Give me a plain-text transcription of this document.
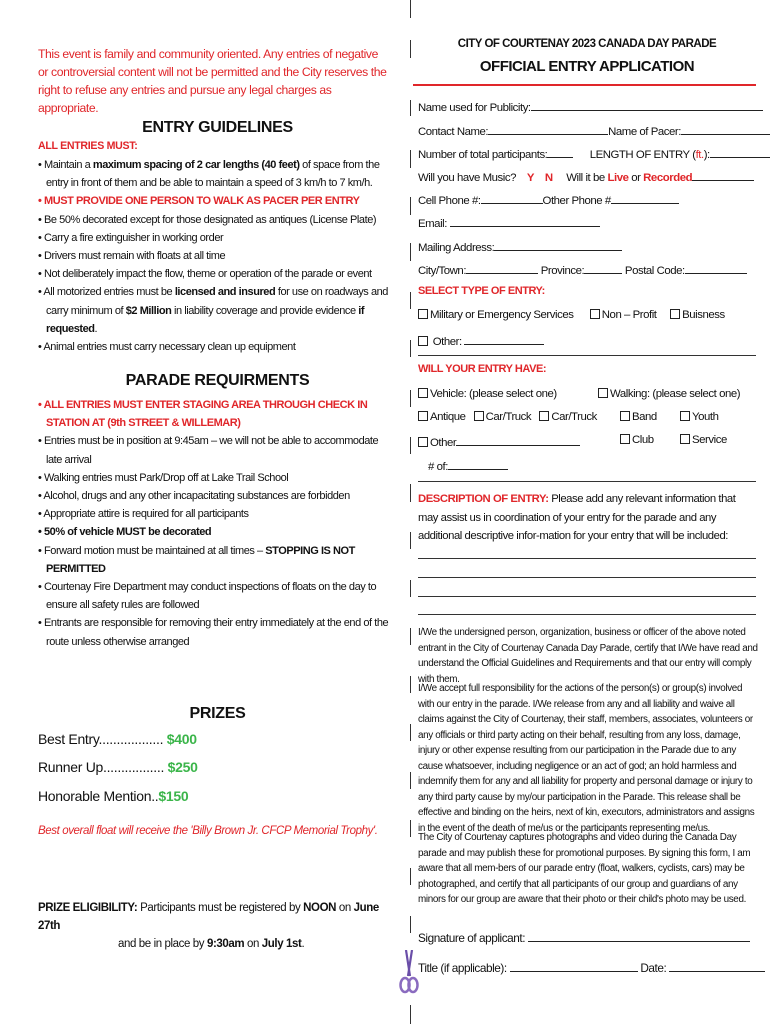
This event is family and community oriented. Any entries of negative or controversial content will not be permitted and the City reserves the right to refuse any entries and pursue any legal charges as appropriate.
ENTRY GUIDELINES
ALL ENTRIES MUST:
• Maintain a maximum spacing of 2 car lengths (40 feet) of space from the entry in front of them and be able to maintain a speed of 3 km/h to 7 km/h.
• MUST PROVIDE ONE PERSON TO WALK AS PACER PER ENTRY
• Be 50% decorated except for those designated as antiques (License Plate)
• Carry a fire extinguisher in working order
• Drivers must remain with floats at all time
• Not deliberately impact the flow, theme or operation of the parade or event
• All motorized entries must be licensed and insured for use on roadways and carry minimum of $2 Million in liability coverage and provide evidence if requested.
• Animal entries must carry necessary clean up equipment
PARADE REQUIRMENTS
• ALL ENTRIES MUST ENTER STAGING AREA THROUGH CHECK IN STATION AT (9th STREET & WILLEMAR)
• Entries must be in position at 9:45am – we will not be able to accommodate late arrival
• Walking entries must Park/Drop off at Lake Trail School
• Alcohol, drugs and any other incapacitating substances are forbidden
• Appropriate attire is required for all participants
• 50% of vehicle MUST be decorated
• Forward motion must be maintained at all times – STOPPING IS NOT PERMITTED
• Courtenay Fire Department may conduct inspections of floats on the day to ensure all safety rules are followed
• Entrants are responsible for removing their entry immediately at the end of the route unless otherwise arranged
PRIZES
Best Entry.................. $400
Runner Up................. $250
Honorable Mention..$150
Best overall float will receive the 'Billy Brown Jr. CFCP Memorial Trophy'.
PRIZE ELIGIBILITY: Participants must be registered by NOON on June 27th
and be in place by 9:30am on July 1st.
CITY OF COURTENAY 2023 CANADA DAY PARADE
OFFICIAL ENTRY APPLICATION
Name used for Publicity:
Contact Name:	Name of Pacer:
Number of total participants:	LENGTH OF ENTRY (ft.):
Will you have Music? Y N Will it be Live or Recorded
Cell Phone #:	Other Phone #
Email:
Mailing Address:
City/Town:	Province:	Postal Code:
SELECT TYPE OF ENTRY:
Military or Emergency Services Non – Profit Buisness
Other:
WILL YOUR ENTRY HAVE:
Vehicle: (please select one)	Walking: (please select one)
Antique Car/Truck Car/Truck	Band	Youth
Other	Club	Service
# of:
DESCRIPTION OF ENTRY: Please add any relevant information that may assist us in coordination of your entry for the parade and any additional descriptive infor-mation for your entry that will be included:
I/We the undersigned person, organization, business or officer of the above noted entrant in the City of Courtenay Canada Day Parade, certify that I/We have read and understand the Official Guidelines and Requirements and that our entry will comply with them.
I/We accept full responsibility for the actions of the person(s) or group(s) involved with our entry in the parade. I/We release from any and all liability and waive all claims against the City of Courtenay, their staff, members, associates, volunteers or any officials or third party acting on their behalf, resulting from any loss, damage, injury or other expense resulting from our participation in the Parade due to any cause whatsoever, including negligence or an act of god; an hold harmless and indemnify them for any and all liability for property and personal damage or injury to any third party cause by my/our participation in the Parade. This release shall be effective and binding on the heirs, next of kin, executors, administrators and assigns in the event of the death of me/us or the participants representing me/us.
The City of Courtenay captures photographs and video during the Canada Day parade and may publish these for promotional purposes. By signing this form, I am aware that all mem-bers of our parade entry (float, walkers, cyclists, cars) may be photographed, and certify that all participants of our group and guardians of any minors for our group are aware that their photo or their child's photo may be used.
Signature of applicant:
Title (if applicable):	Date:
